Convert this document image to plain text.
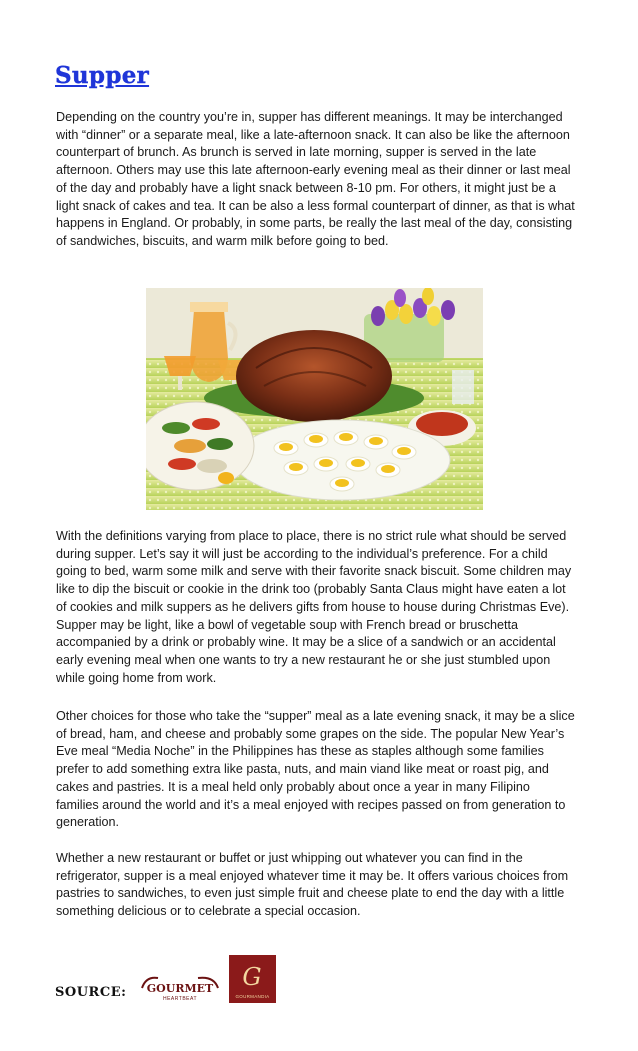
Supper

Depending on the country you’re in, supper has different meanings. It may be interchanged with “dinner” or a separate meal, like a late-afternoon snack. It can also be like the afternoon counterpart of brunch. As brunch is served in late morning, supper is served in the late afternoon. Others may use this late afternoon-early evening meal as their dinner or last meal of the day and probably have a light snack between 8-10 pm. For others, it might just be a light snack of cakes and tea. It can be also a less formal counterpart of dinner, as that is what happens in England. Or probably, in some parts, be really the last meal of the day, consisting of sandwiches, biscuits, and warm milk before going to bed.

With the definitions varying from place to place, there is no strict rule what should be served during supper. Let’s say it will just be according to the individual’s preference. For a child going to bed, warm some milk and serve with their favorite snack biscuit. Some children may like to dip the biscuit or cookie in the drink too (probably Santa Claus might have eaten a lot of cookies and milk suppers as he delivers gifts from house to house during Christmas Eve). Supper may be light, like a bowl of vegetable soup with French bread or bruschetta accompanied by a drink or probably wine. It may be a slice of a sandwich or an accidental early evening meal when one wants to try a new restaurant he or she just stumbled upon while going home from work.

Other choices for those who take the “supper” meal as a late evening snack, it may be a slice of bread, ham, and cheese and probably some grapes on the side. The popular New Year’s Eve meal “Media Noche” in the Philippines has these as staples although some families prefer to add something extra like pasta, nuts, and main viand like meat or roast pig, and cakes and pastries. It is a meal held only probably about once a year in many Filipino families around the world and it’s a meal enjoyed with recipes passed on from generation to generation.

Whether a new restaurant or buffet or just whipping out whatever you can find in the refrigerator, supper is a meal enjoyed whatever time it may be. It offers various choices from pastries to sandwiches, to even just simple fruit and cheese plate to end the day with a little something delicious or to celebrate a special occasion.

SOURCE: GOURMET
HEARTBEAT
G
GOURMANDIA
